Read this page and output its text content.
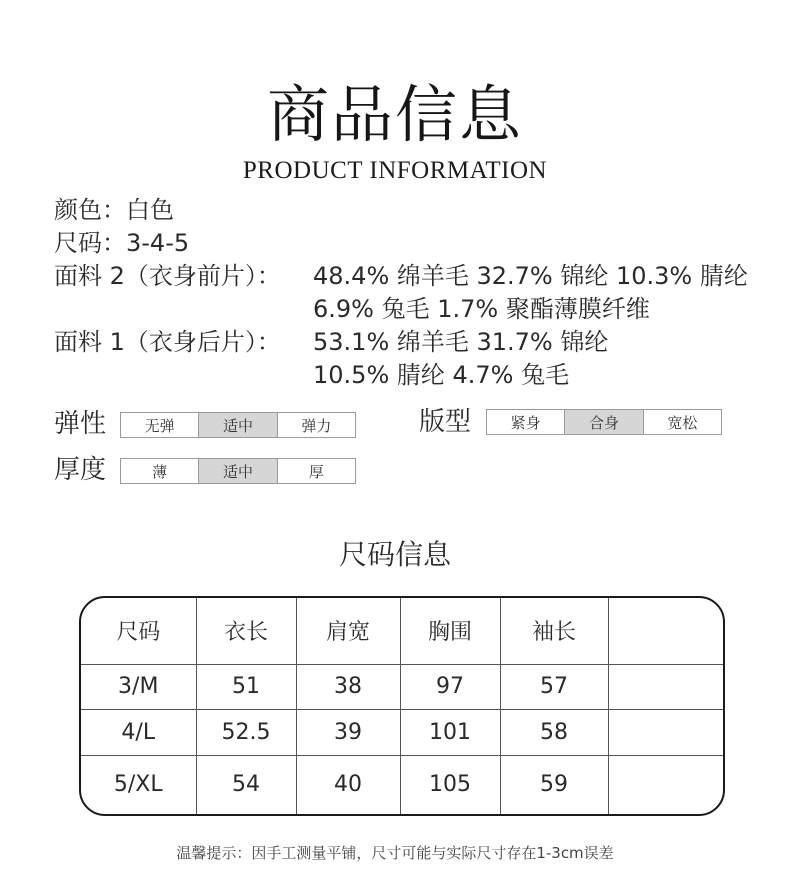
商品信息
PRODUCT INFORMATION
颜色：白色
尺码：3-4-5
面料 2（衣身前片）： 48.4% 绵羊毛 32.7% 锦纶 10.3% 腈纶
6.9% 兔毛 1.7% 聚酯薄膜纤维
面料 1（衣身后片）： 53.1% 绵羊毛 31.7% 锦纶
10.5% 腈纶 4.7% 兔毛
弹性	无弹	适中	弹力	版型	紧身	合身	宽松
厚度	薄	适中	厚
尺码信息
尺码	衣长	肩宽	胸围	袖长	
3/M	51	38	97	57	
4/L	52.5	39	101	58	
5/XL	54	40	105	59	
温馨提示：因手工测量平铺，尺寸可能与实际尺寸存在1-3cm误差
